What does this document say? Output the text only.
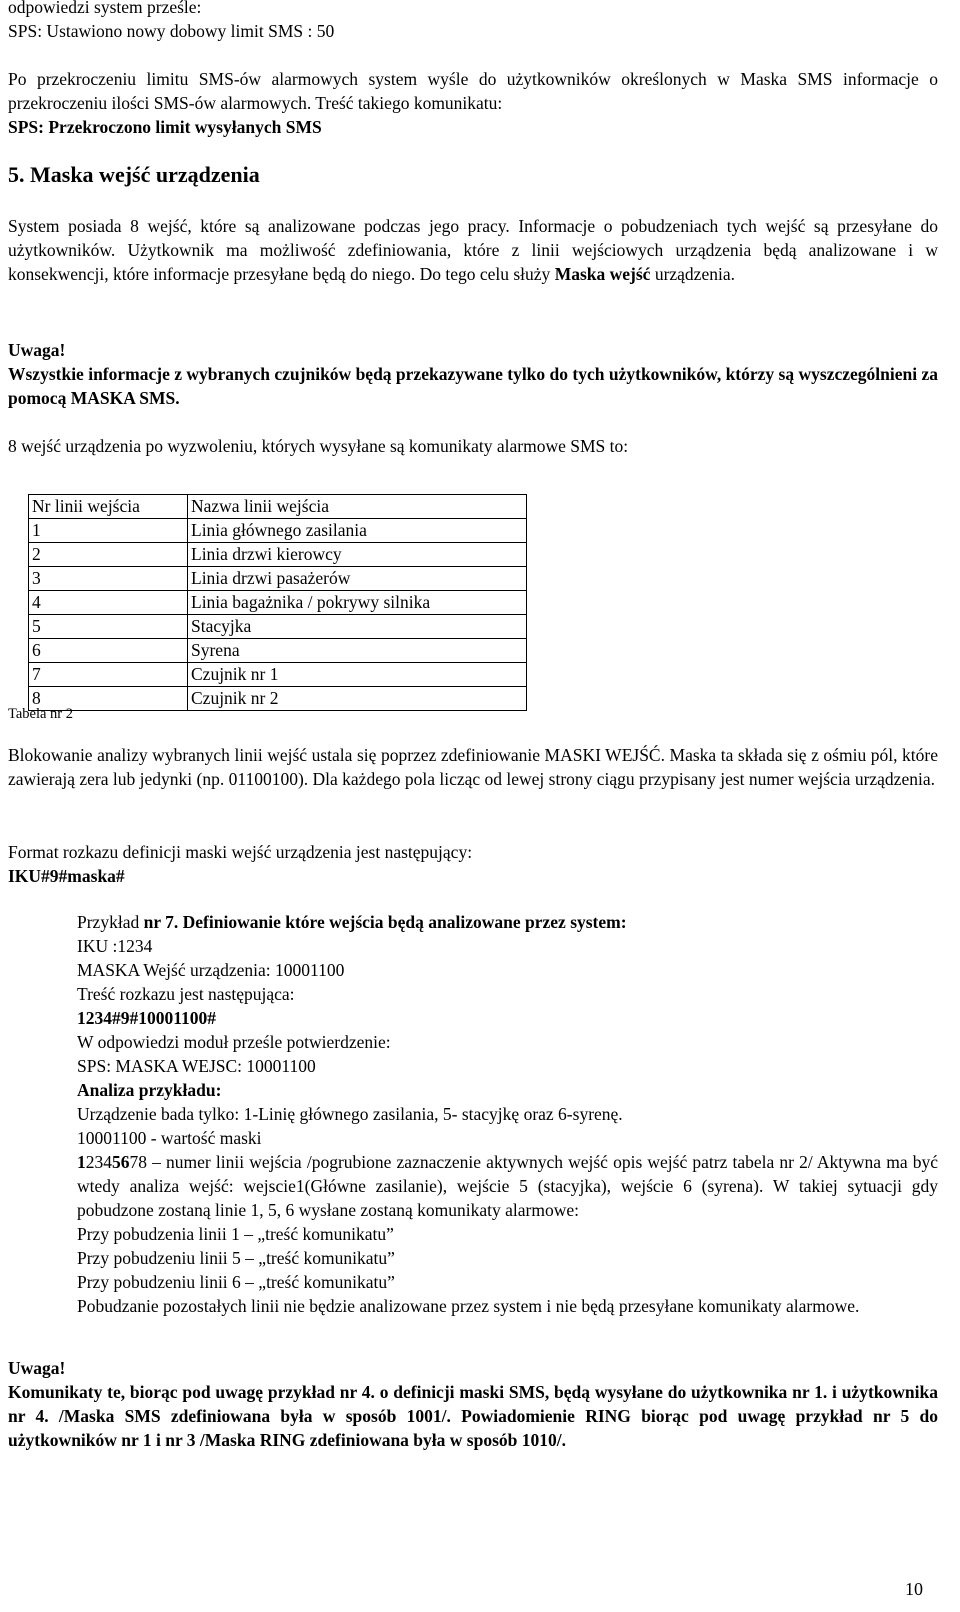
odpowiedzi system prześle:
SPS: Ustawiono nowy dobowy limit SMS : 50

Po przekroczeniu limitu SMS-ów alarmowych system wyśle do użytkowników określonych w Maska SMS informacje o przekroczeniu ilości SMS-ów alarmowych. Treść takiego komunikatu:

SPS: Przekroczono limit wysyłanych SMS

5. Maska wejść urządzenia

System posiada 8 wejść, które są analizowane podczas jego pracy. Informacje o pobudzeniach tych wejść są przesyłane do użytkowników. Użytkownik ma możliwość zdefiniowania, które z linii wejściowych urządzenia będą analizowane i w konsekwencji, które informacje przesyłane będą do niego. Do tego celu służy Maska wejść urządzenia.

Uwaga!

Wszystkie informacje z wybranych czujników będą przekazywane tylko do tych użytkowników, którzy są wyszczególnieni za pomocą MASKA SMS.

8 wejść urządzenia po wyzwoleniu, których wysyłane są komunikaty alarmowe SMS to:
Nr linii wejścia	Nazwa linii wejścia
1	Linia głównego zasilania
2	Linia drzwi kierowcy
3	Linia drzwi pasażerów
4	Linia bagażnika / pokrywy silnika
5	Stacyjka
6	Syrena
7	Czujnik nr 1
8	Czujnik nr 2
Tabela nr 2

Blokowanie analizy wybranych linii wejść ustala się poprzez zdefiniowanie MASKI WEJŚĆ. Maska ta składa się z ośmiu pól, które zawierają zera lub jedynki (np. 01100100). Dla każdego pola licząc od lewej strony ciągu przypisany jest numer wejścia urządzenia.

Format rozkazu definicji maski wejść urządzenia jest następujący:

IKU#9#maska#

Przykład nr 7. Definiowanie które wejścia będą analizowane przez system:

IKU :1234

MASKA Wejść urządzenia: 10001100

Treść rozkazu jest następująca:

1234#9#10001100#

W odpowiedzi moduł prześle potwierdzenie:

SPS: MASKA WEJSC: 10001100

Analiza przykładu:

Urządzenie bada tylko: 1-Linię głównego zasilania, 5- stacyjkę oraz 6-syrenę.

10001100 - wartość maski

12345678 – numer linii wejścia /pogrubione zaznaczenie aktywnych wejść opis wejść patrz tabela nr 2/ Aktywna ma być wtedy analiza wejść: wejscie1(Główne zasilanie), wejście 5 (stacyjka), wejście 6 (syrena). W takiej sytuacji gdy pobudzone zostaną linie 1, 5, 6 wysłane zostaną komunikaty alarmowe:

Przy pobudzenia linii 1 – „treść komunikatu”

Przy pobudzeniu linii 5 – „treść komunikatu”

Przy pobudzeniu linii 6 – „treść komunikatu”

Pobudzanie pozostałych linii nie będzie analizowane przez system i nie będą przesyłane komunikaty alarmowe.

Uwaga!

Komunikaty te, biorąc pod uwagę przykład nr 4. o definicji maski SMS, będą wysyłane do użytkownika nr 1. i użytkownika nr 4. /Maska SMS zdefiniowana była w sposób 1001/. Powiadomienie RING biorąc pod uwagę przykład nr 5 do użytkowników nr 1 i nr 3 /Maska RING zdefiniowana była w sposób 1010/.

10
